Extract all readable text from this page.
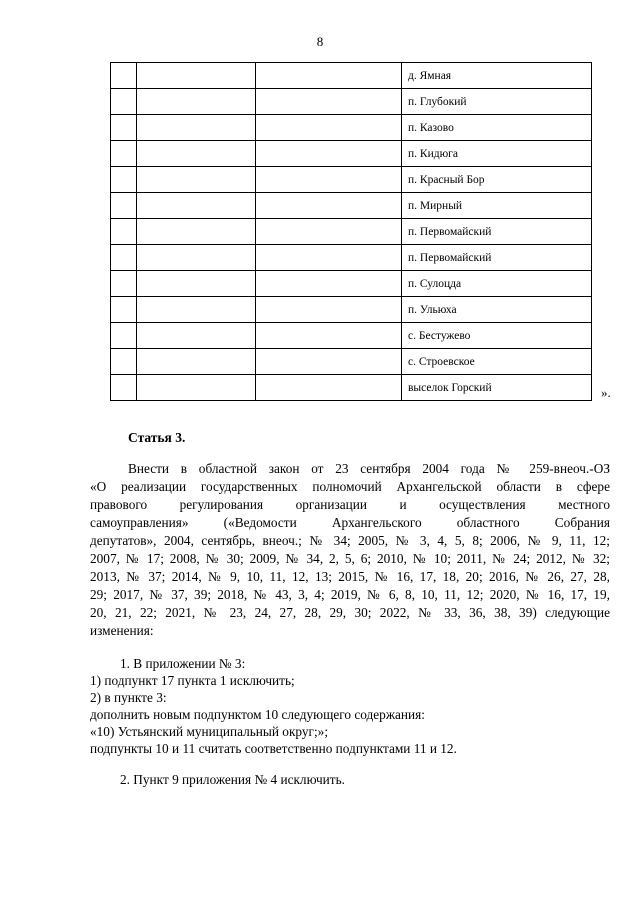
8
			д. Ямная
			п. Глубокий
			п. Казово
			п. Кидюга
			п. Красный Бор
			п. Мирный
			п. Первомайский
			п. Первомайский
			п. Сулоцда
			п. Ульюха
			с. Бестужево
			с. Строевское
			выселок Горский	».
Статья 3.
Внести в областной закон от 23 сентября 2004 года № 259-внеоч.-ОЗ
«О реализации государственных полномочий Архангельской области в сфере
правового регулирования организации и осуществления местного
самоуправления» («Ведомости Архангельского областного Собрания
депутатов», 2004, сентябрь, внеоч.; № 34; 2005, № 3, 4, 5, 8; 2006, № 9, 11, 12;
2007, № 17; 2008, № 30; 2009, № 34, 2, 5, 6; 2010, № 10; 2011, № 24; 2012, № 32;
2013, № 37; 2014, № 9, 10, 11, 12, 13; 2015, № 16, 17, 18, 20; 2016, № 26, 27, 28,
29; 2017, № 37, 39; 2018, № 43, 3, 4; 2019, № 6, 8, 10, 11, 12; 2020, № 16, 17, 19,
20, 21, 22; 2021, № 23, 24, 27, 28, 29, 30; 2022, № 33, 36, 38, 39) следующие
изменения:
1. В приложении № 3:
1) подпункт 17 пункта 1 исключить;
2) в пункте 3:
дополнить новым подпунктом 10 следующего содержания:
«10) Устьянский муниципальный округ;»;
подпункты 10 и 11 считать соответственно подпунктами 11 и 12.
2. Пункт 9 приложения № 4 исключить.
